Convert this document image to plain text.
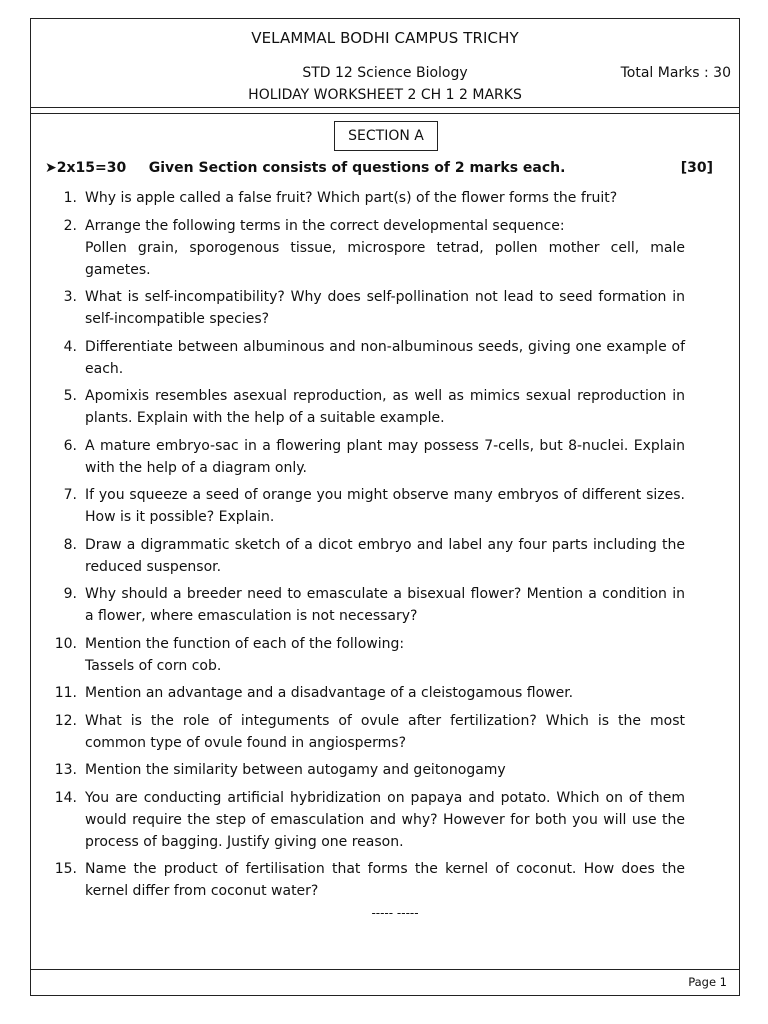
VELAMMAL BODHI CAMPUS TRICHY
STD 12 Science Biology	Total Marks : 30
HOLIDAY WORKSHEET 2 CH 1 2 MARKS
SECTION A
➤2x15=30 Given Section consists of questions of 2 marks each.	[30]
1. Why is apple called a false fruit? Which part(s) of the flower forms the fruit?
2. Arrange the following terms in the correct developmental sequence:
Pollen grain, sporogenous tissue, microspore tetrad, pollen mother cell, male gametes.
3. What is self-incompatibility? Why does self-pollination not lead to seed formation in self-incompatible species?
4. Differentiate between albuminous and non-albuminous seeds, giving one example of each.
5. Apomixis resembles asexual reproduction, as well as mimics sexual reproduction in plants. Explain with the help of a suitable example.
6. A mature embryo-sac in a flowering plant may possess 7-cells, but 8-nuclei. Explain with the help of a diagram only.
7. If you squeeze a seed of orange you might observe many embryos of different sizes. How is it possible? Explain.
8. Draw a digrammatic sketch of a dicot embryo and label any four parts including the reduced suspensor.
9. Why should a breeder need to emasculate a bisexual flower? Mention a condition in a flower, where emasculation is not necessary?
10. Mention the function of each of the following:
Tassels of corn cob.
11. Mention an advantage and a disadvantage of a cleistogamous flower.
12. What is the role of integuments of ovule after fertilization? Which is the most common type of ovule found in angiosperms?
13. Mention the similarity between autogamy and geitonogamy
14. You are conducting artificial hybridization on papaya and potato. Which on of them would require the step of emasculation and why? However for both you will use the process of bagging. Justify giving one reason.
15. Name the product of fertilisation that forms the kernel of coconut. How does the kernel differ from coconut water?
----- -----
Page 1
